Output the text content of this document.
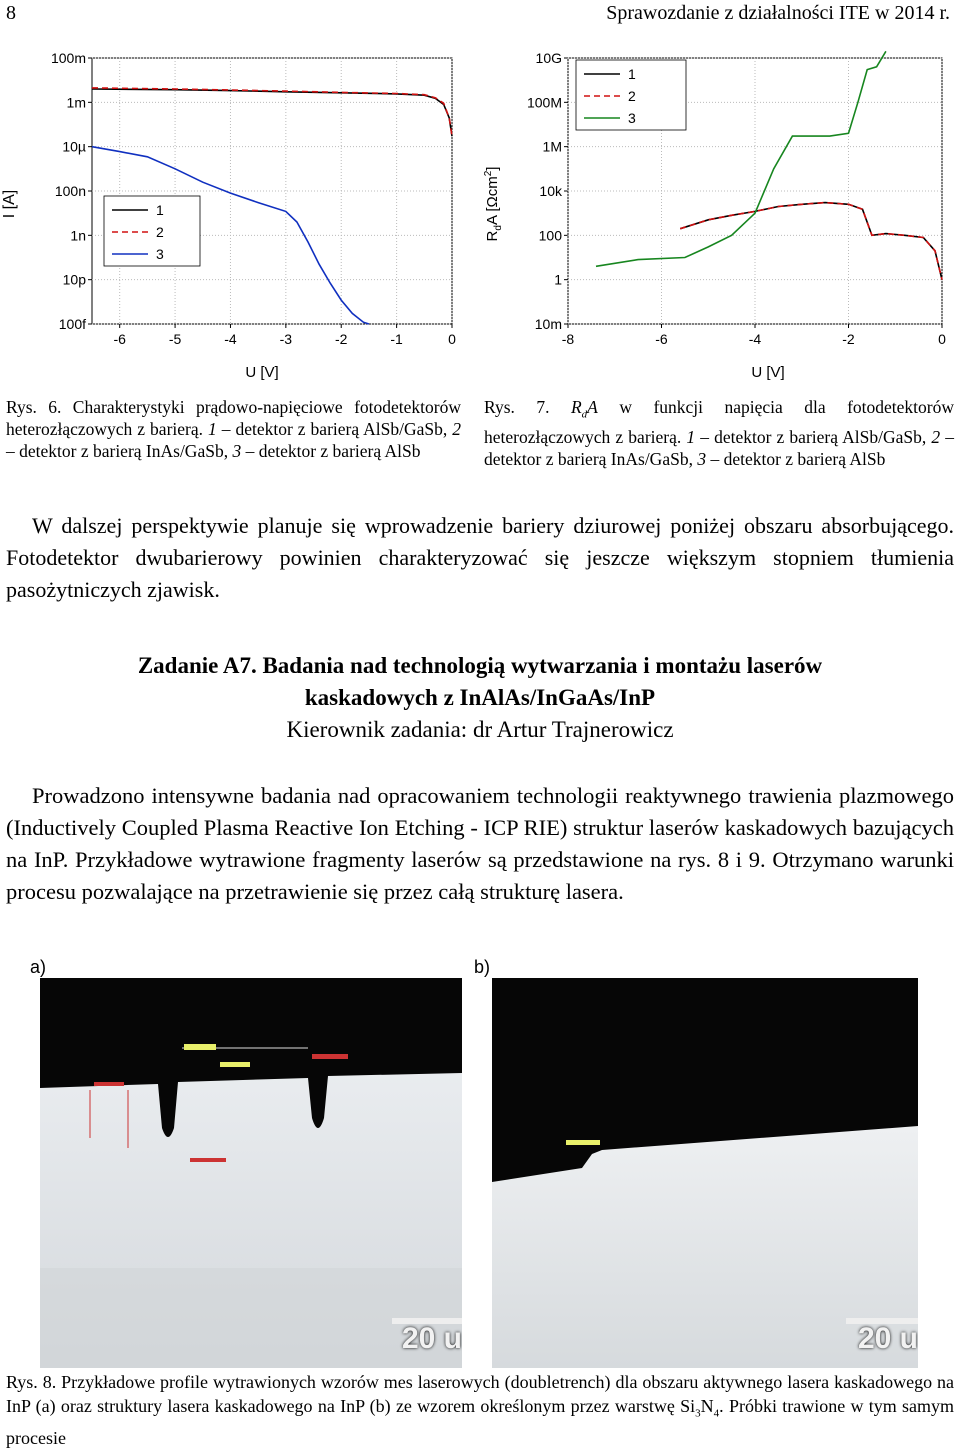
8	Sprawozdanie z działalności ITE w 2014 r.
100m
1m
10µ
100n
1n
10p
100f
-6	-5	-4	-3	-2	-1	0
1
2
3
I [A]
U [V]
10G
100M
1M
10k
100
1
10m
-8	-6	-4	-2	0
1
2
3
$R_dA$ [Ωcm$^2$]
U [V]
Rys. 6. Charakterystyki prądowo-napięciowe fotodetektorów heterozłączowych z barierą. 1 – detektor z barierą AlSb/GaSb, 2 – detektor z barierą InAs/GaSb, 3 – detektor z barierą AlSb
Rys. 7. $R_dA$ w funkcji napięcia dla fotodetektorów heterozłączowych z barierą. 1 – detektor z barierą AlSb/GaSb, 2 – detektor z barierą InAs/GaSb, 3 – detektor z barierą AlSb
W dalszej perspektywie planuje się wprowadzenie bariery dziurowej poniżej obszaru absorbującego. Fotodetektor dwubarierowy powinien charakteryzować się jeszcze większym stopniem tłumienia pasożytniczych zjawisk.
Zadanie A7. Badania nad technologią wytwarzania i montażu laserów
kaskadowych z InAlAs/InGaAs/InP
Kierownik zadania: dr Artur Trajnerowicz
Prowadzono intensywne badania nad opracowaniem technologii reaktywnego trawienia plazmowego (Inductively Coupled Plasma Reactive Ion Etching - ICP RIE) struktur laserów kaskadowych bazujących na InP. Przykładowe wytrawione fragmenty laserów są przedstawione na rys. 8 i 9. Otrzymano warunki procesu pozwalające na przetrawienie się przez całą strukturę lasera.
a)	b)
20 u	20 u
Rys. 8. Przykładowe profile wytrawionych wzorów mes laserowych (doubletrench) dla obszaru aktywnego lasera kaskadowego na InP (a) oraz struktury lasera kaskadowego na InP (b) ze wzorem określonym przez warstwę $Si_3N_4$. Próbki trawione w tym samym procesie
